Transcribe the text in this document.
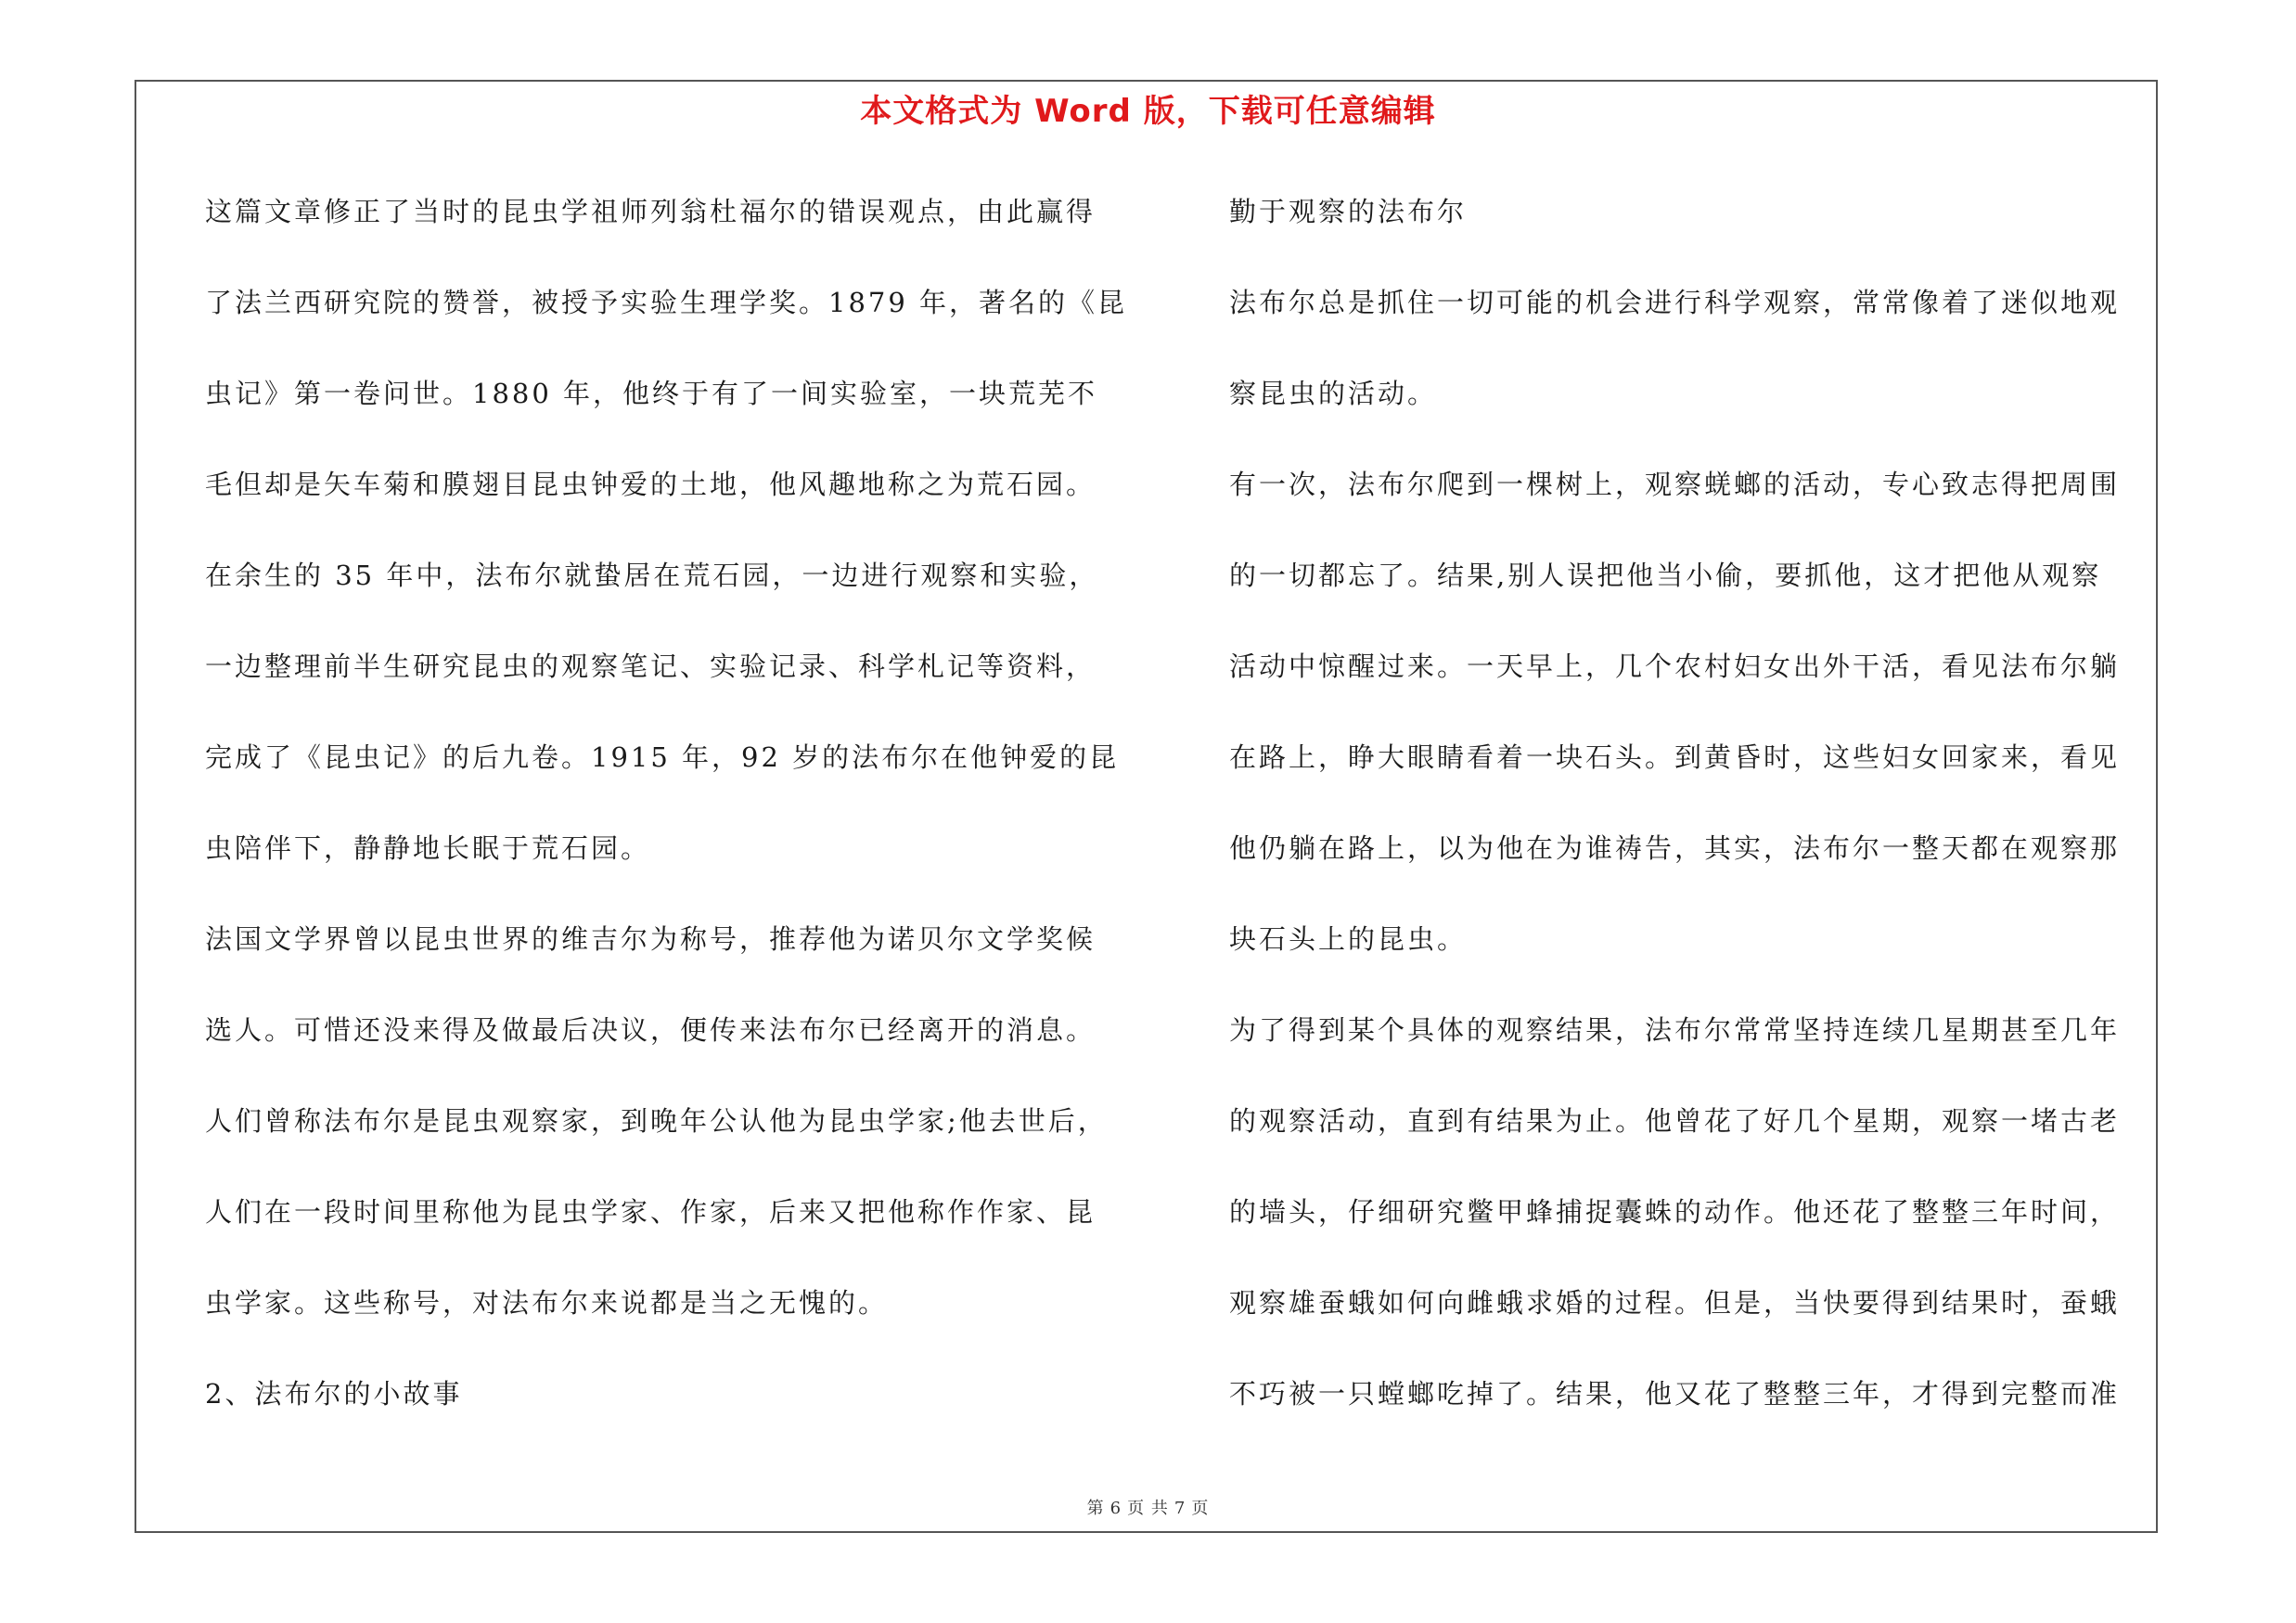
本文格式为 Word 版，下载可任意编辑
这篇文章修正了当时的昆虫学祖师列翁杜福尔的错误观点，由此赢得
了法兰西研究院的赞誉，被授予实验生理学奖。1879 年，著名的《昆
虫记》第一卷问世。1880 年，他终于有了一间实验室，一块荒芜不
毛但却是矢车菊和膜翅目昆虫钟爱的土地，他风趣地称之为荒石园。
在余生的 35 年中，法布尔就蛰居在荒石园，一边进行观察和实验，
一边整理前半生研究昆虫的观察笔记、实验记录、科学札记等资料，
完成了《昆虫记》的后九卷。1915 年，92 岁的法布尔在他钟爱的昆
虫陪伴下，静静地长眠于荒石园。
法国文学界曾以昆虫世界的维吉尔为称号，推荐他为诺贝尔文学奖候
选人。可惜还没来得及做最后决议，便传来法布尔已经离开的消息。
人们曾称法布尔是昆虫观察家，到晚年公认他为昆虫学家;他去世后，
人们在一段时间里称他为昆虫学家、作家，后来又把他称作作家、昆
虫学家。这些称号，对法布尔来说都是当之无愧的。
2、法布尔的小故事
勤于观察的法布尔
法布尔总是抓住一切可能的机会进行科学观察，常常像着了迷似地观
察昆虫的活动。
有一次，法布尔爬到一棵树上，观察蜣螂的活动，专心致志得把周围
的一切都忘了。结果,别人误把他当小偷，要抓他，这才把他从观察
活动中惊醒过来。一天早上，几个农村妇女出外干活，看见法布尔躺
在路上，睁大眼睛看着一块石头。到黄昏时，这些妇女回家来，看见
他仍躺在路上，以为他在为谁祷告，其实，法布尔一整天都在观察那
块石头上的昆虫。
为了得到某个具体的观察结果，法布尔常常坚持连续几星期甚至几年
的观察活动，直到有结果为止。他曾花了好几个星期，观察一堵古老
的墙头，仔细研究鳖甲蜂捕捉囊蛛的动作。他还花了整整三年时间，
观察雄蚕蛾如何向雌蛾求婚的过程。但是，当快要得到结果时，蚕蛾
不巧被一只螳螂吃掉了。结果，他又花了整整三年，才得到完整而准
第 6 页 共 7 页
